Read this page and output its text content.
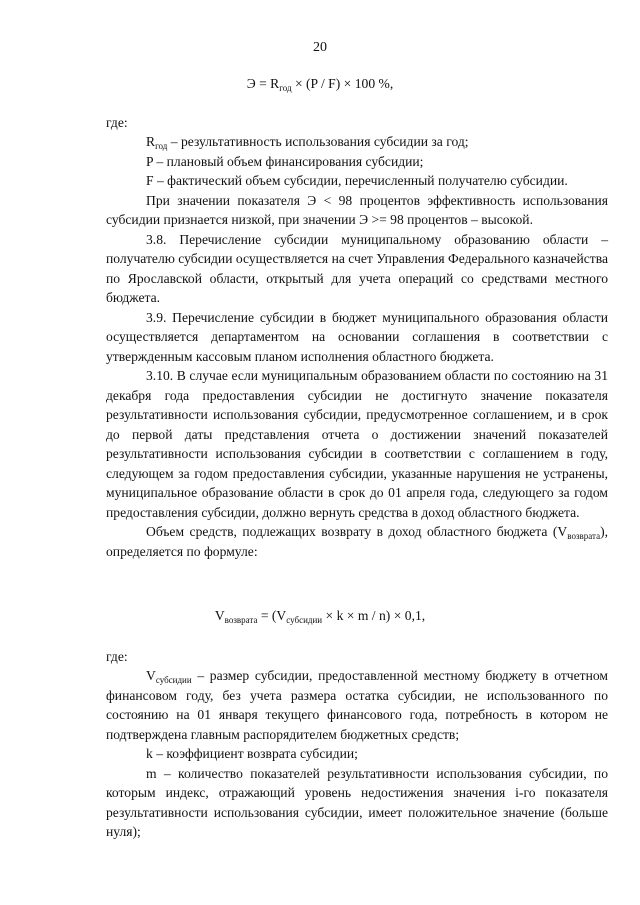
20
$Э = R_{год} \times (P / F) \times 100$ %,
где:

$R_{год}$ – результативность использования субсидии за год;

P – плановый объем финансирования субсидии;

F – фактический объем субсидии, перечисленный получателю субсидии.

При значении показателя Э < 98 процентов эффективность использования субсидии признается низкой, при значении Э >= 98 процентов – высокой.

3.8. Перечисление субсидии муниципальному образованию области – получателю субсидии осуществляется на счет Управления Федерального казначейства по Ярославской области, открытый для учета операций со средствами местного бюджета.

3.9. Перечисление субсидии в бюджет муниципального образования области осуществляется департаментом на основании соглашения в соответствии с утвержденным кассовым планом исполнения областного бюджета.

3.10. В случае если муниципальным образованием области по состоянию на 31 декабря года предоставления субсидии не достигнуто значение показателя результативности использования субсидии, предусмотренное соглашением, и в срок до первой даты представления отчета о достижении значений показателей результативности использования субсидии в соответствии с соглашением в году, следующем за годом предоставления субсидии, указанные нарушения не устранены, муниципальное образование области в срок до 01 апреля года, следующего за годом предоставления субсидии, должно вернуть средства в доход областного бюджета.

Объем средств, подлежащих возврату в доход областного бюджета $(V_{возврата})$, определяется по формуле:

$V_{возврата} = (V_{субсидии} \times k \times m / n) \times 0,1$,
где:

$V_{субсидии}$ – размер субсидии, предоставленной местному бюджету в отчетном финансовом году, без учета размера остатка субсидии, не использованного по состоянию на 01 января текущего финансового года, потребность в котором не подтверждена главным распорядителем бюджетных средств;

k – коэффициент возврата субсидии;

m – количество показателей результативности использования субсидии, по которым индекс, отражающий уровень недостижения значения i-го показателя результативности использования субсидии, имеет положительное значение (больше нуля);
